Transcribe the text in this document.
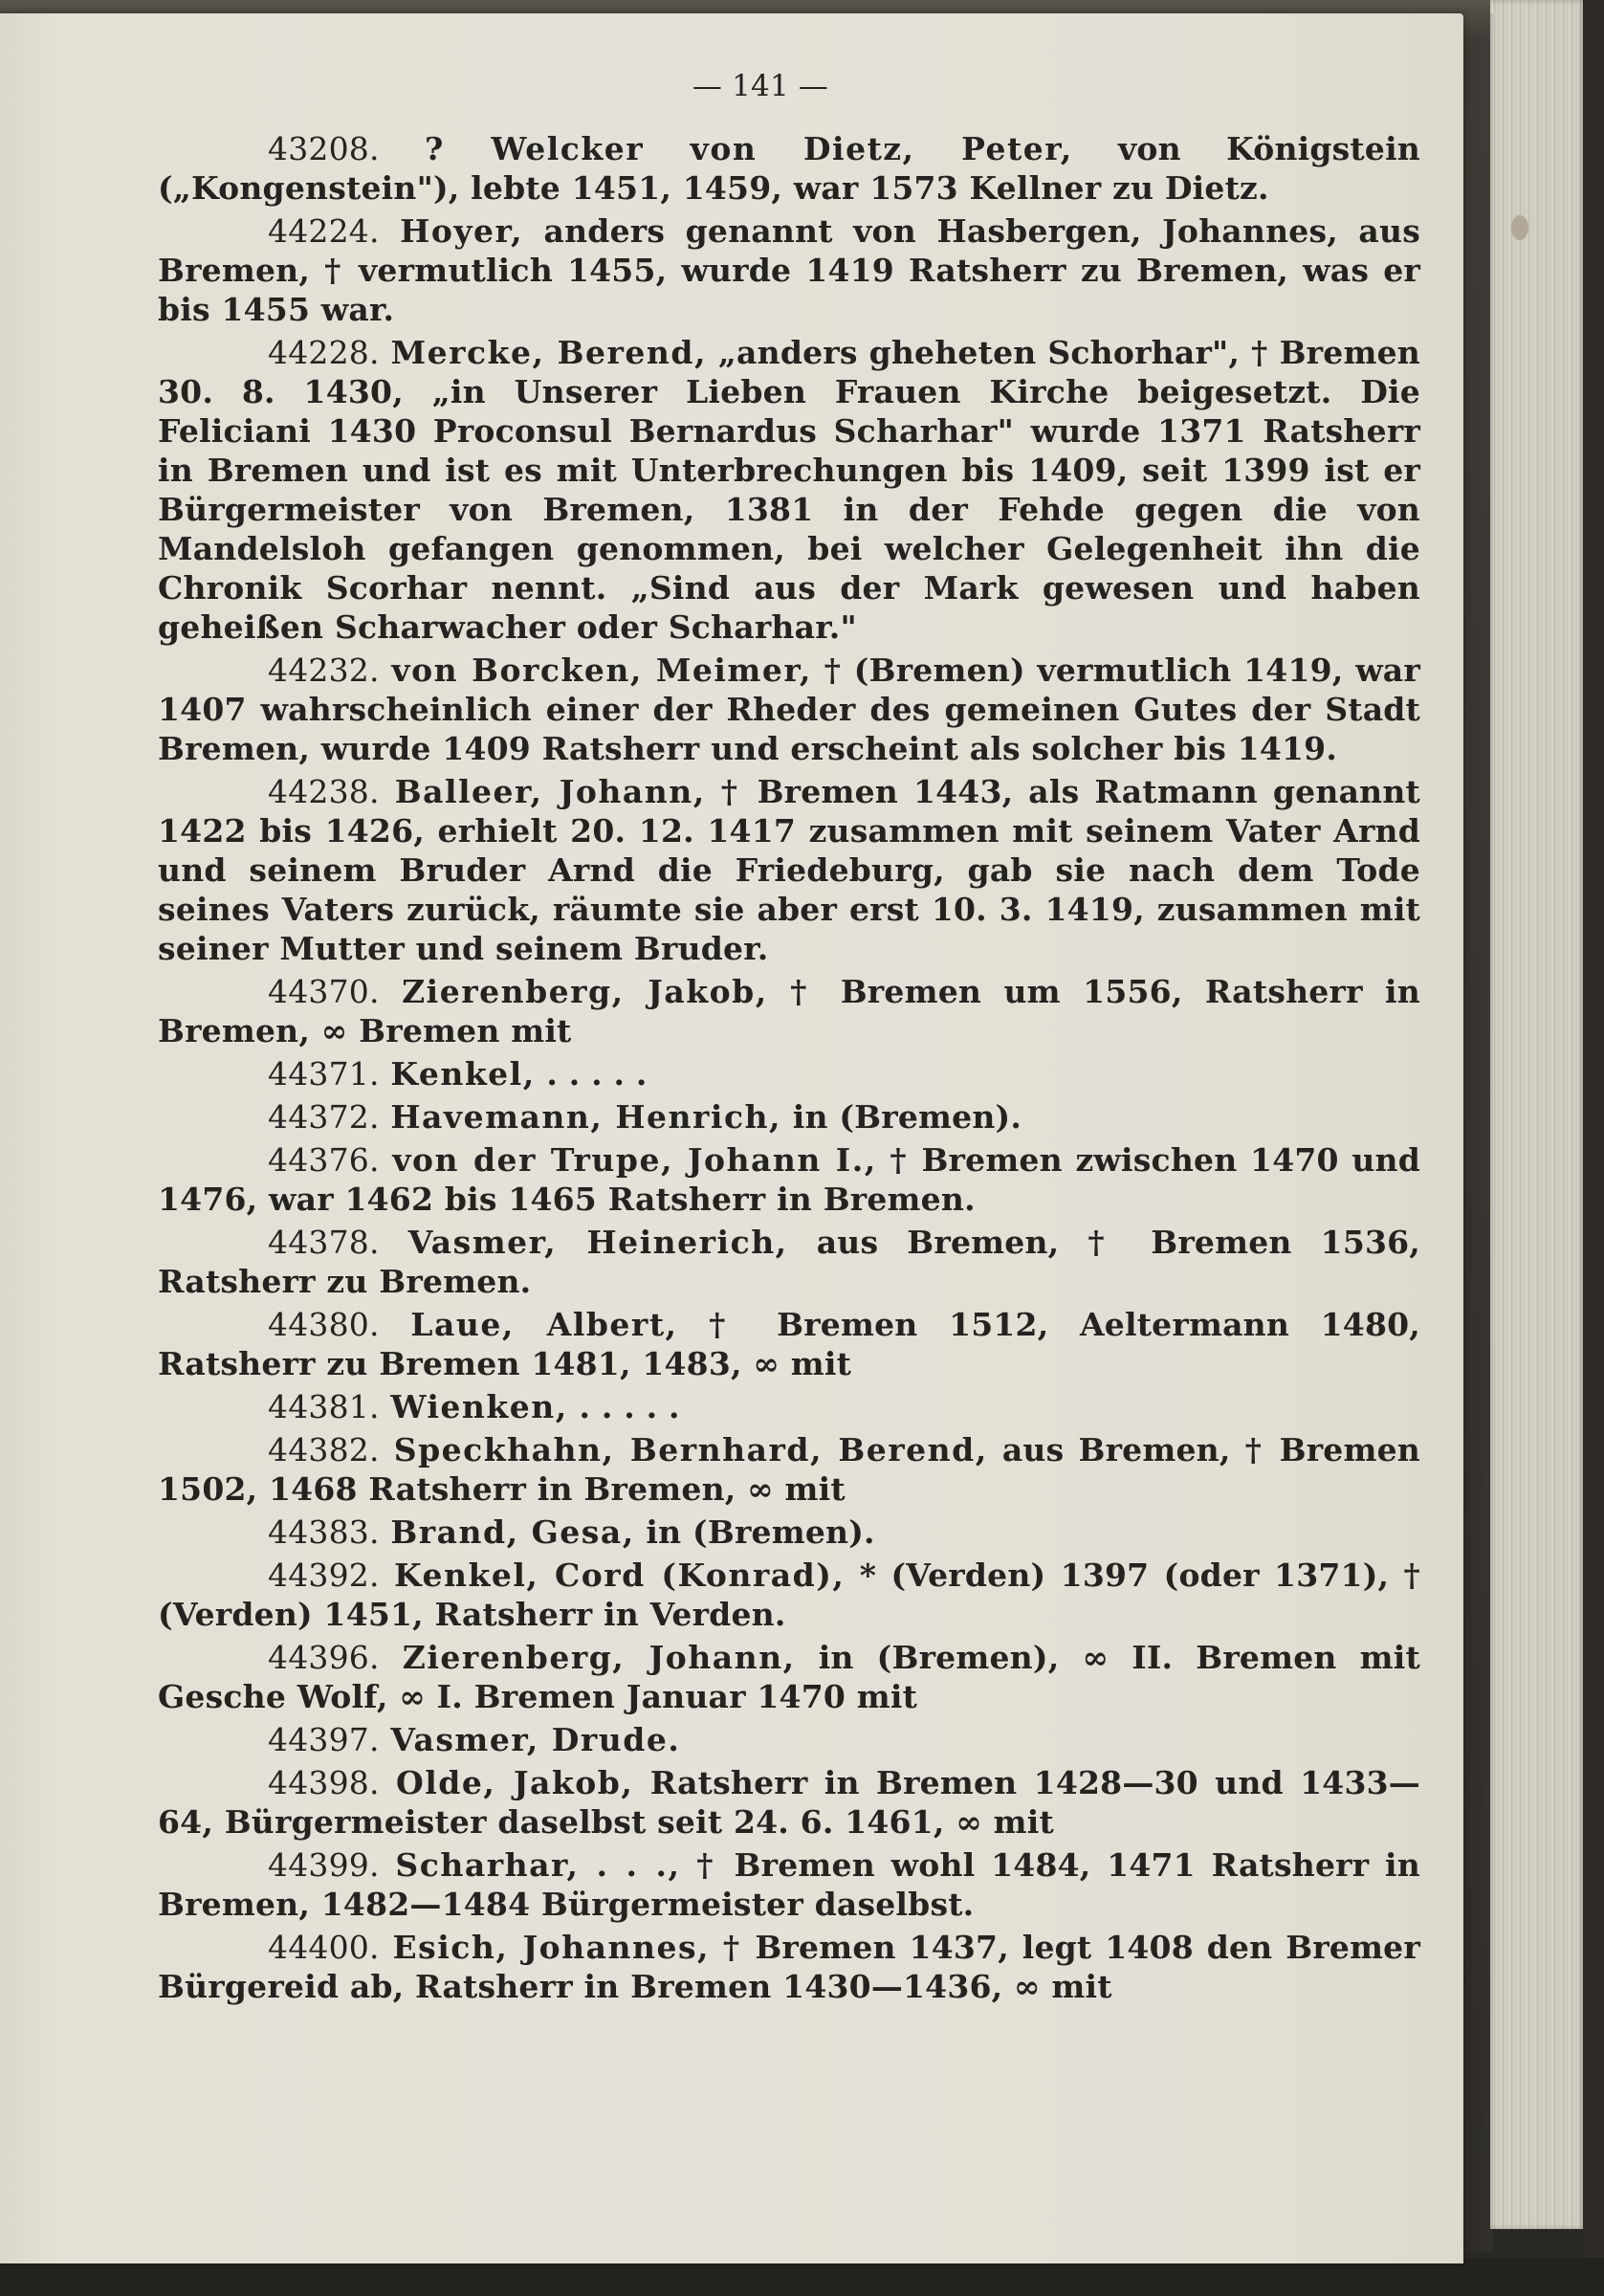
— 141 —

43208. ? Welcker von Dietz, Peter, von Königstein („Kongenstein"), lebte 1451, 1459, war 1573 Kellner zu Dietz.

44224. Hoyer, anders genannt von Hasbergen, Johannes, aus Bremen, † vermutlich 1455, wurde 1419 Ratsherr zu Bremen, was er bis 1455 war.

44228. Mercke, Berend, „anders gheheten Schorhar", † Bremen 30. 8. 1430, „in Unserer Lieben Frauen Kirche beigesetzt. Die Feliciani 1430 Proconsul Bernardus Scharhar" wurde 1371 Ratsherr in Bremen und ist es mit Unterbrechungen bis 1409, seit 1399 ist er Bürgermeister von Bremen, 1381 in der Fehde gegen die von Mandelsloh gefangen genommen, bei welcher Gelegenheit ihn die Chronik Scorhar nennt. „Sind aus der Mark gewesen und haben geheißen Scharwacher oder Scharhar."

44232. von Borcken, Meimer, † (Bremen) vermutlich 1419, war 1407 wahrscheinlich einer der Rheder des gemeinen Gutes der Stadt Bremen, wurde 1409 Ratsherr und erscheint als solcher bis 1419.

44238. Balleer, Johann, † Bremen 1443, als Ratmann genannt 1422 bis 1426, erhielt 20. 12. 1417 zusammen mit seinem Vater Arnd und seinem Bruder Arnd die Friedeburg, gab sie nach dem Tode seines Vaters zurück, räumte sie aber erst 10. 3. 1419, zusammen mit seiner Mutter und seinem Bruder.

44370. Zierenberg, Jakob, † Bremen um 1556, Ratsherr in Bremen, ∞ Bremen mit

44371. Kenkel, . . . . .

44372. Havemann, Henrich, in (Bremen).

44376. von der Trupe, Johann I., † Bremen zwischen 1470 und 1476, war 1462 bis 1465 Ratsherr in Bremen.

44378. Vasmer, Heinerich, aus Bremen, † Bremen 1536, Ratsherr zu Bremen.

44380. Laue, Albert, † Bremen 1512, Aeltermann 1480, Ratsherr zu Bremen 1481, 1483, ∞ mit

44381. Wienken, . . . . .

44382. Speckhahn, Bernhard, Berend, aus Bremen, † Bremen 1502, 1468 Ratsherr in Bremen, ∞ mit

44383. Brand, Gesa, in (Bremen).

44392. Kenkel, Cord (Konrad), * (Verden) 1397 (oder 1371), † (Verden) 1451, Ratsherr in Verden.

44396. Zierenberg, Johann, in (Bremen), ∞ II. Bremen mit Gesche Wolf, ∞ I. Bremen Januar 1470 mit

44397. Vasmer, Drude.

44398. Olde, Jakob, Ratsherr in Bremen 1428—30 und 1433—64, Bürgermeister daselbst seit 24. 6. 1461, ∞ mit

44399. Scharhar, . . ., † Bremen wohl 1484, 1471 Ratsherr in Bremen, 1482—1484 Bürgermeister daselbst.

44400. Esich, Johannes, † Bremen 1437, legt 1408 den Bremer Bürgereid ab, Ratsherr in Bremen 1430—1436, ∞ mit
